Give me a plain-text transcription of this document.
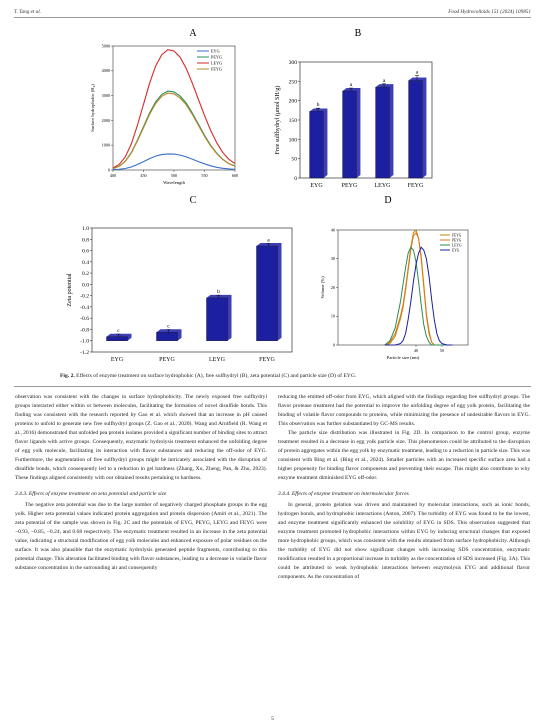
T. Tang et al.	Food Hydrocolloids 151 (2024) 109851
A	B
C	D
400	450	500	550	600
0
1000
2000
3000
4000
5000
Wavelength
Surface hydrophobic (H₀)
EYG
PEYG
LEYG
FEYG
0
50
100
150
200
250
300
Free sulfhydryl (μmol SH/g)	b
EYG
a
PEYG
a
LEYG
a
FEYG
1.0
0.8
0.6
0.4
0.2
0.0
-0.2
-0.4
-0.6
-0.8
-1.0
-1.2
Zeta potential
c
EYG
c
PEYG
b
LEYG
a
FEYG
40	50
0
10
20
30
40
Particle size (nm)
Volume (%)
FEYG
PEYG
LEYG
EYG
Fig. 2. Effects of enzyme treatment on surface hydrophobic (A), free sulfhydryl (B), zeta potential (C) and particle size (D) of EYG.

observation was consistent with the changes in surface hydrophobicity. The newly exposed free sulfhydryl groups interacted either within or between molecules, facilitating the formation of novel disulfide bonds. This finding was consistent with the research reported by Gao et al. which showed that an increase in pH caused proteins to unfold to generate new free sulfhydryl groups (Z. Gao et al., 2020). Wang and Arntfield (R. Wang et al., 2016) demonstrated that unfolded pea protein isolates provided a significant number of binding sites to attract flavor ligands with active groups. Consequently, enzymatic hydrolysis treatment enhanced the unfolding degree of egg yolk molecule, facilitating its interaction with flavor substances and reducing the off-odor of EYG. Furthermore, the augmentation of free sulfhydryl groups might be intricately associated with the disruption of disulfide bonds, which consequently led to a reduction in gel hardness (Zhang, Xu, Zheng, Pan, & Zhu, 2023). These findings aligned consistently with our obtained results pertaining to hardness.

3.4.3. Effects of enzyme treatment on zeta potential and particle size

The negative zeta potential was due to the large number of negatively charged phosphate groups in the egg yolk. Higher zeta potential values indicated protein aggregation and protein dispersion (Amiri et al., 2021). The zeta potential of the sample was shown in Fig. 2C and the potentials of EYG, PEYG, LEYG and FEYG were −0.93, −0.85, −0.24, and 0.68 respectively. The enzymatic treatment resulted in an increase in the zeta potential value, indicating a structural modification of egg yolk molecules and enhanced exposure of polar residues on the surface. It was also plausible that the enzymatic hydrolysis generated peptide fragments, contributing to this potential change. This alteration facilitated binding with flavor substances, leading to a decrease in volatile flavor substance concentration in the surrounding air and consequently

reducing the emitted off-odor from EYG, which aligned with the findings regarding free sulfhydryl groups. The flavor protease treatment had the potential to improve the unfolding degree of egg yolk protein, facilitating the binding of volatile flavor compounds to proteins, while minimizing the presence of undesirable flavors in EYG. This observation was further substantiated by GC-MS results.

The particle size distribution was illustrated in Fig. 2D. In comparison to the control group, enzyme treatment resulted in a decrease in egg yolk particle size. This phenomenon could be attributed to the disruption of protein aggregates within the egg yolk by enzymatic treatment, leading to a reduction in particle size. This was consistent with Bing et al. (Bing et al., 2024). Smaller particles with an increased specific surface area had a higher propensity for binding flavor components and preventing their escape. This might also contribute to why enzyme treatment diminished EYG off-odor.

3.4.4. Effects of enzyme treatment on intermolecular forces

In general, protein gelation was driven and maintained by molecular interactions, such as ionic bonds, hydrogen bonds, and hydrophobic interactions (Anton, 2007). The turbidity of EYG was found to be the lowest, and enzyme treatment significantly enhanced the solubility of EYG in SDS. This observation suggested that enzyme treatment promoted hydrophobic interactions within EYG by inducing structural changes that exposed more hydrophobic groups, which was consistent with the results obtained from surface hydrophobicity. Although the turbidity of EYG did not show significant changes with increasing SDS concentration, enzymatic modification resulted in a proportional increase in turbidity as the concentration of SDS increased (Fig. 3A). This could be attributed to weak hydrophobic interactions between enzymolysis EYG and additional flavor components. As the concentration of

5
